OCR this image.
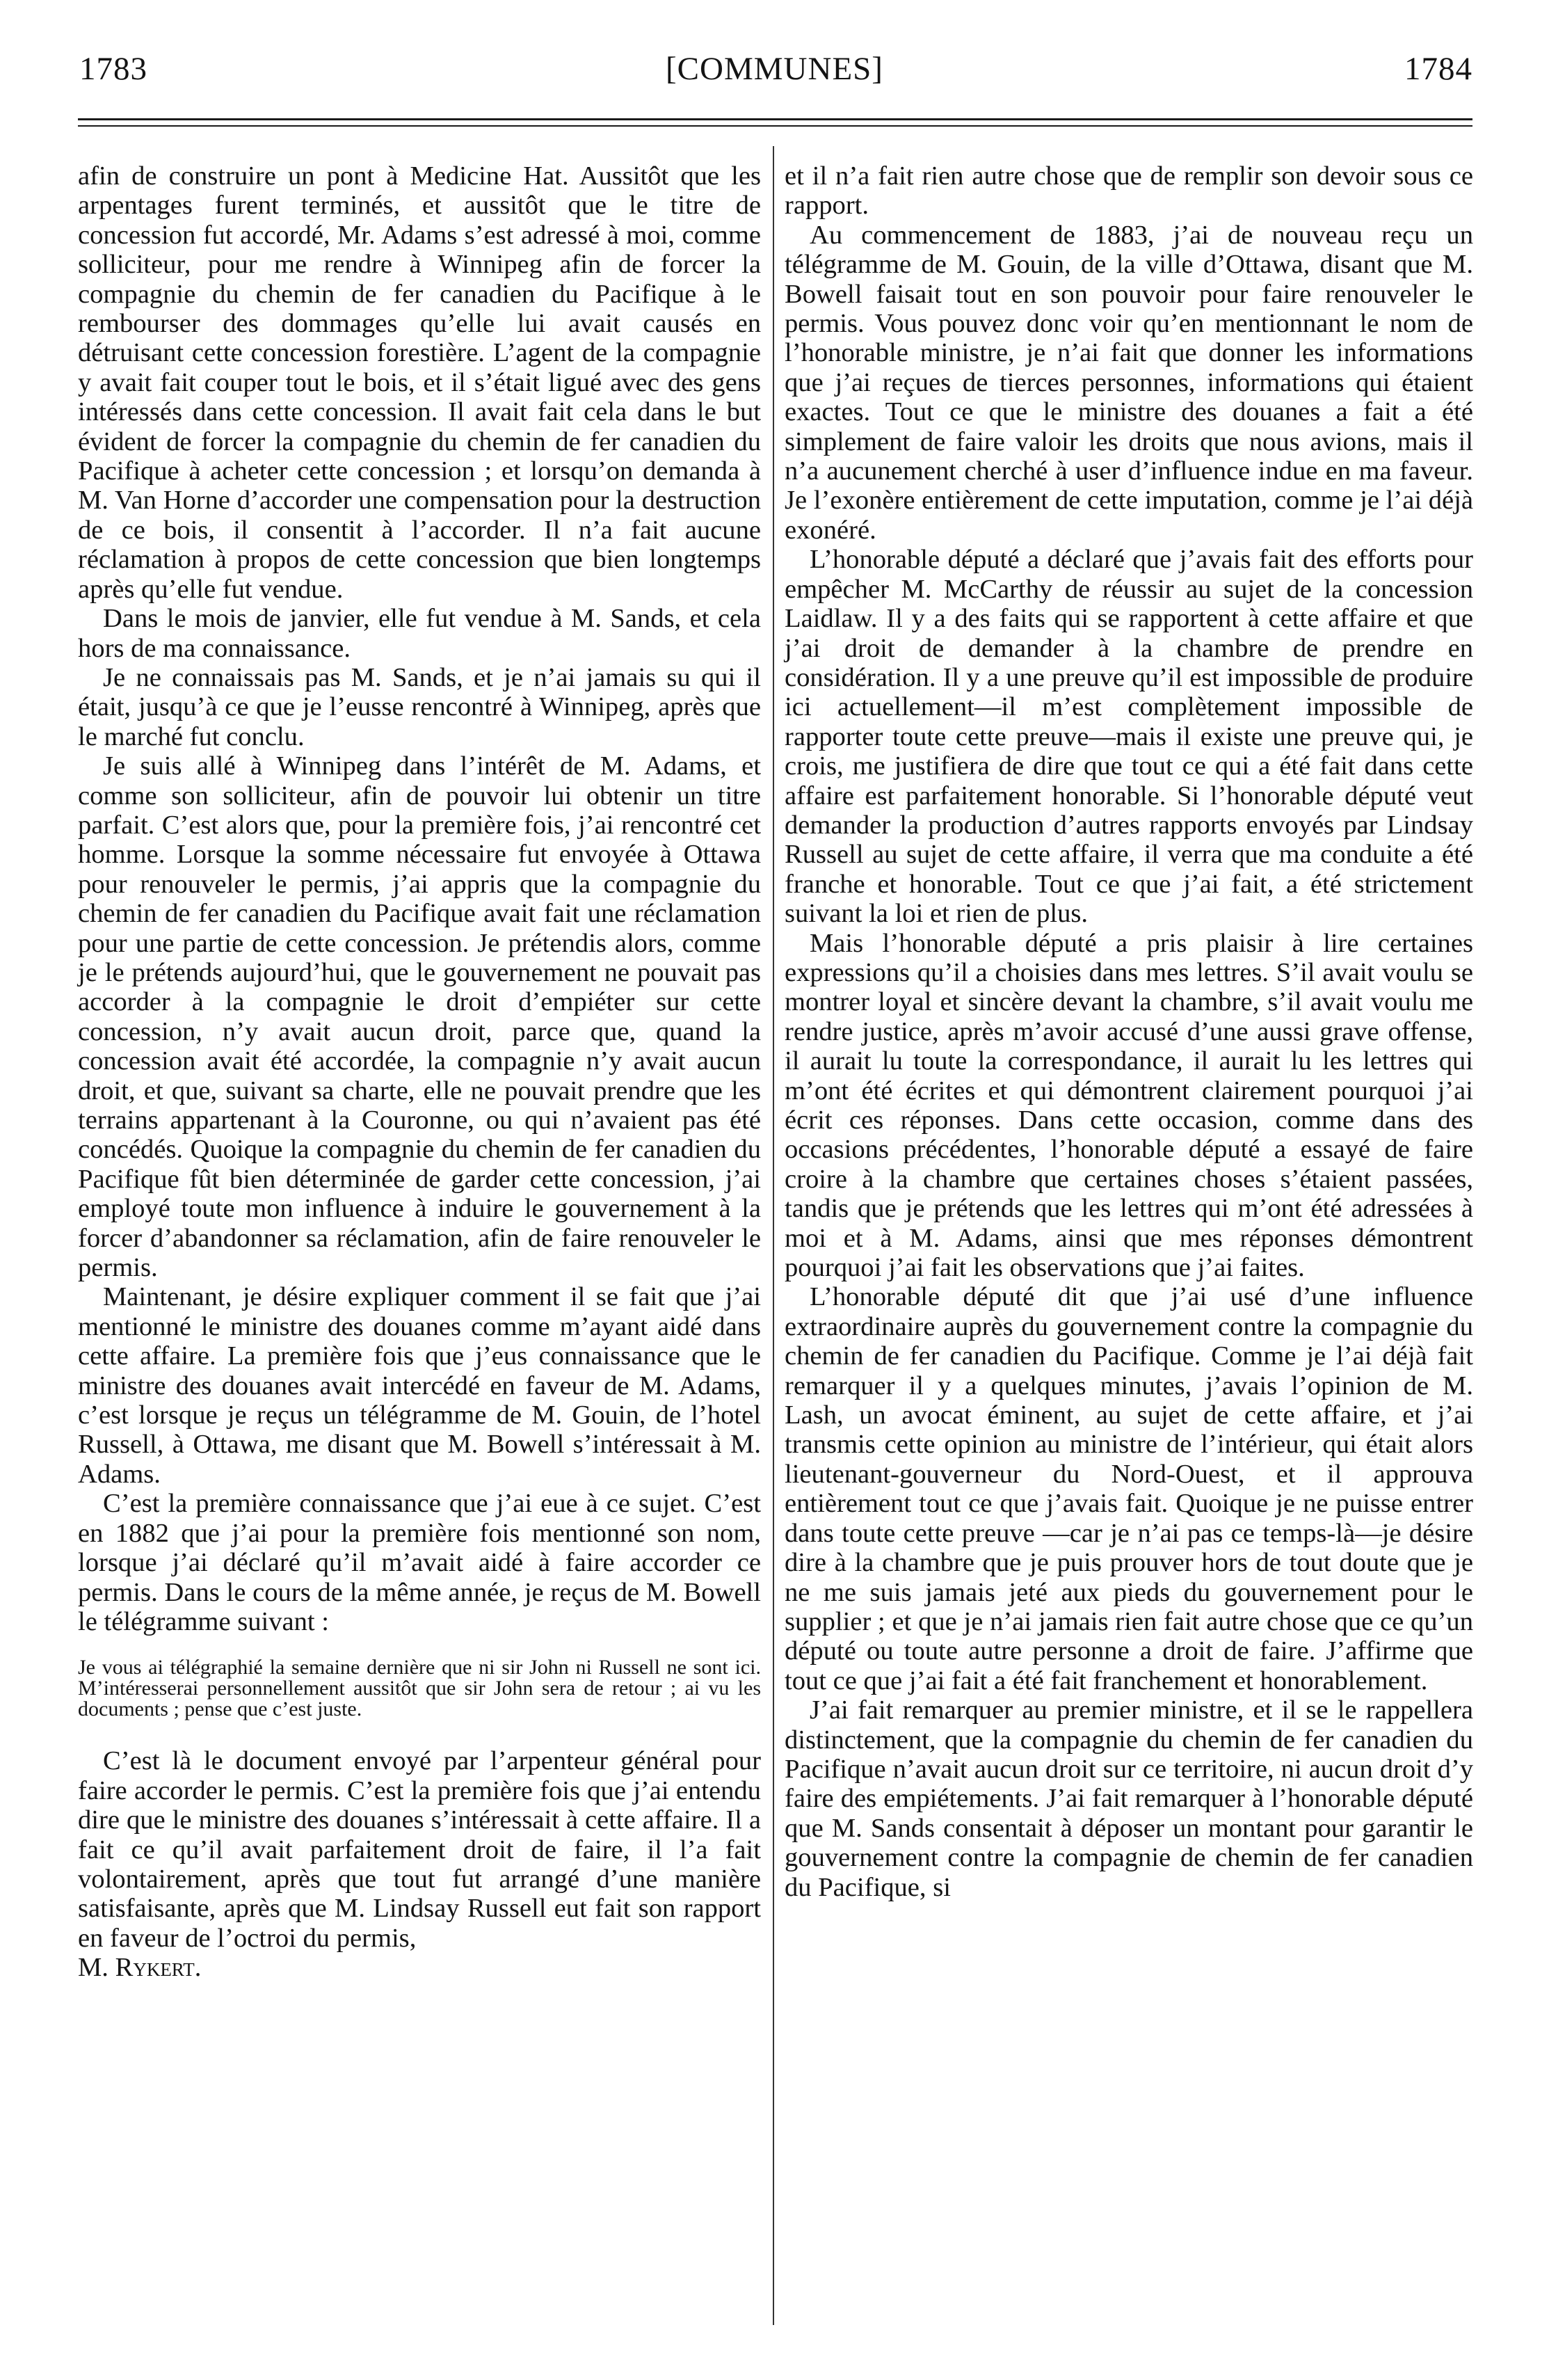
1783	[COMMUNES]	1784

afin de construire un pont à Medicine Hat. Aussitôt que les arpentages furent terminés, et aussitôt que le titre de concession fut accordé, Mr. Adams s’est adressé à moi, comme solliciteur, pour me rendre à Winnipeg afin de forcer la compagnie du chemin de fer canadien du Pacifique à le rembourser des dommages qu’elle lui avait causés en détruisant cette concession forestière. L’agent de la compagnie y avait fait couper tout le bois, et il s’était ligué avec des gens intéressés dans cette concession. Il avait fait cela dans le but évident de forcer la compagnie du chemin de fer canadien du Pacifique à acheter cette concession ; et lorsqu’on demanda à M. Van Horne d’accorder une compensation pour la destruction de ce bois, il consentit à l’accorder. Il n’a fait aucune réclamation à propos de cette concession que bien longtemps après qu’elle fut vendue.

Dans le mois de janvier, elle fut vendue à M. Sands, et cela hors de ma connaissance.

Je ne connaissais pas M. Sands, et je n’ai jamais su qui il était, jusqu’à ce que je l’eusse rencontré à Winnipeg, après que le marché fut conclu.

Je suis allé à Winnipeg dans l’intérêt de M. Adams, et comme son solliciteur, afin de pouvoir lui obtenir un titre parfait. C’est alors que, pour la première fois, j’ai rencontré cet homme. Lorsque la somme nécessaire fut envoyée à Ottawa pour renouveler le permis, j’ai appris que la compagnie du chemin de fer canadien du Pacifique avait fait une réclamation pour une partie de cette concession. Je prétendis alors, comme je le prétends aujourd’hui, que le gouvernement ne pouvait pas accorder à la compagnie le droit d’empiéter sur cette concession, n’y avait aucun droit, parce que, quand la concession avait été accordée, la compagnie n’y avait aucun droit, et que, suivant sa charte, elle ne pouvait prendre que les terrains appartenant à la Couronne, ou qui n’avaient pas été concédés. Quoique la compagnie du chemin de fer canadien du Pacifique fût bien déterminée de garder cette concession, j’ai employé toute mon influence à induire le gouvernement à la forcer d’abandonner sa réclamation, afin de faire renouveler le permis.

Maintenant, je désire expliquer comment il se fait que j’ai mentionné le ministre des douanes comme m’ayant aidé dans cette affaire. La première fois que j’eus connaissance que le ministre des douanes avait intercédé en faveur de M. Adams, c’est lorsque je reçus un télégramme de M. Gouin, de l’hotel Russell, à Ottawa, me disant que M. Bowell s’intéressait à M. Adams.

C’est la première connaissance que j’ai eue à ce sujet. C’est en 1882 que j’ai pour la première fois mentionné son nom, lorsque j’ai déclaré qu’il m’avait aidé à faire accorder ce permis. Dans le cours de la même année, je reçus de M. Bowell le télégramme suivant :

Je vous ai télégraphié la semaine dernière que ni sir John ni Russell ne sont ici. M’intéresserai personnellement aussitôt que sir John sera de retour ; ai vu les documents ; pense que c’est juste.

C’est là le document envoyé par l’arpenteur général pour faire accorder le permis. C’est la première fois que j’ai entendu dire que le ministre des douanes s’intéressait à cette affaire. Il a fait ce qu’il avait parfaitement droit de faire, il l’a fait volontairement, après que tout fut arrangé d’une manière satisfaisante, après que M. Lindsay Russell eut fait son rapport en faveur de l’octroi du permis,

M. Rykert.

et il n’a fait rien autre chose que de remplir son devoir sous ce rapport.

Au commencement de 1883, j’ai de nouveau reçu un télégramme de M. Gouin, de la ville d’Ottawa, disant que M. Bowell faisait tout en son pouvoir pour faire renouveler le permis. Vous pouvez donc voir qu’en mentionnant le nom de l’honorable ministre, je n’ai fait que donner les informations que j’ai reçues de tierces personnes, informations qui étaient exactes. Tout ce que le ministre des douanes a fait a été simplement de faire valoir les droits que nous avions, mais il n’a aucunement cherché à user d’influence indue en ma faveur. Je l’exonère entièrement de cette imputation, comme je l’ai déjà exonéré.

L’honorable député a déclaré que j’avais fait des efforts pour empêcher M. McCarthy de réussir au sujet de la concession Laidlaw. Il y a des faits qui se rapportent à cette affaire et que j’ai droit de demander à la chambre de prendre en considération. Il y a une preuve qu’il est impossible de produire ici actuellement—il m’est complètement impossible de rapporter toute cette preuve—mais il existe une preuve qui, je crois, me justifiera de dire que tout ce qui a été fait dans cette affaire est parfaitement honorable. Si l’honorable député veut demander la production d’autres rapports envoyés par Lindsay Russell au sujet de cette affaire, il verra que ma conduite a été franche et honorable. Tout ce que j’ai fait, a été strictement suivant la loi et rien de plus.

Mais l’honorable député a pris plaisir à lire certaines expressions qu’il a choisies dans mes lettres. S’il avait voulu se montrer loyal et sincère devant la chambre, s’il avait voulu me rendre justice, après m’avoir accusé d’une aussi grave offense, il aurait lu toute la correspondance, il aurait lu les lettres qui m’ont été écrites et qui démontrent clairement pourquoi j’ai écrit ces réponses. Dans cette occasion, comme dans des occasions précédentes, l’honorable député a essayé de faire croire à la chambre que certaines choses s’étaient passées, tandis que je prétends que les lettres qui m’ont été adressées à moi et à M. Adams, ainsi que mes réponses démontrent pourquoi j’ai fait les observations que j’ai faites.

L’honorable député dit que j’ai usé d’une influence extraordinaire auprès du gouvernement contre la compagnie du chemin de fer canadien du Pacifique. Comme je l’ai déjà fait remarquer il y a quelques minutes, j’avais l’opinion de M. Lash, un avocat éminent, au sujet de cette affaire, et j’ai transmis cette opinion au ministre de l’intérieur, qui était alors lieutenant-gouverneur du Nord-Ouest, et il approuva entièrement tout ce que j’avais fait. Quoique je ne puisse entrer dans toute cette preuve —car je n’ai pas ce temps-là—je désire dire à la chambre que je puis prouver hors de tout doute que je ne me suis jamais jeté aux pieds du gouvernement pour le supplier ; et que je n’ai jamais rien fait autre chose que ce qu’un député ou toute autre personne a droit de faire. J’affirme que tout ce que j’ai fait a été fait franchement et honorablement.

J’ai fait remarquer au premier ministre, et il se le rappellera distinctement, que la compagnie du chemin de fer canadien du Pacifique n’avait aucun droit sur ce territoire, ni aucun droit d’y faire des empiétements. J’ai fait remarquer à l’honorable député que M. Sands consentait à déposer un montant pour garantir le gouvernement contre la compagnie de chemin de fer canadien du Pacifique, si
